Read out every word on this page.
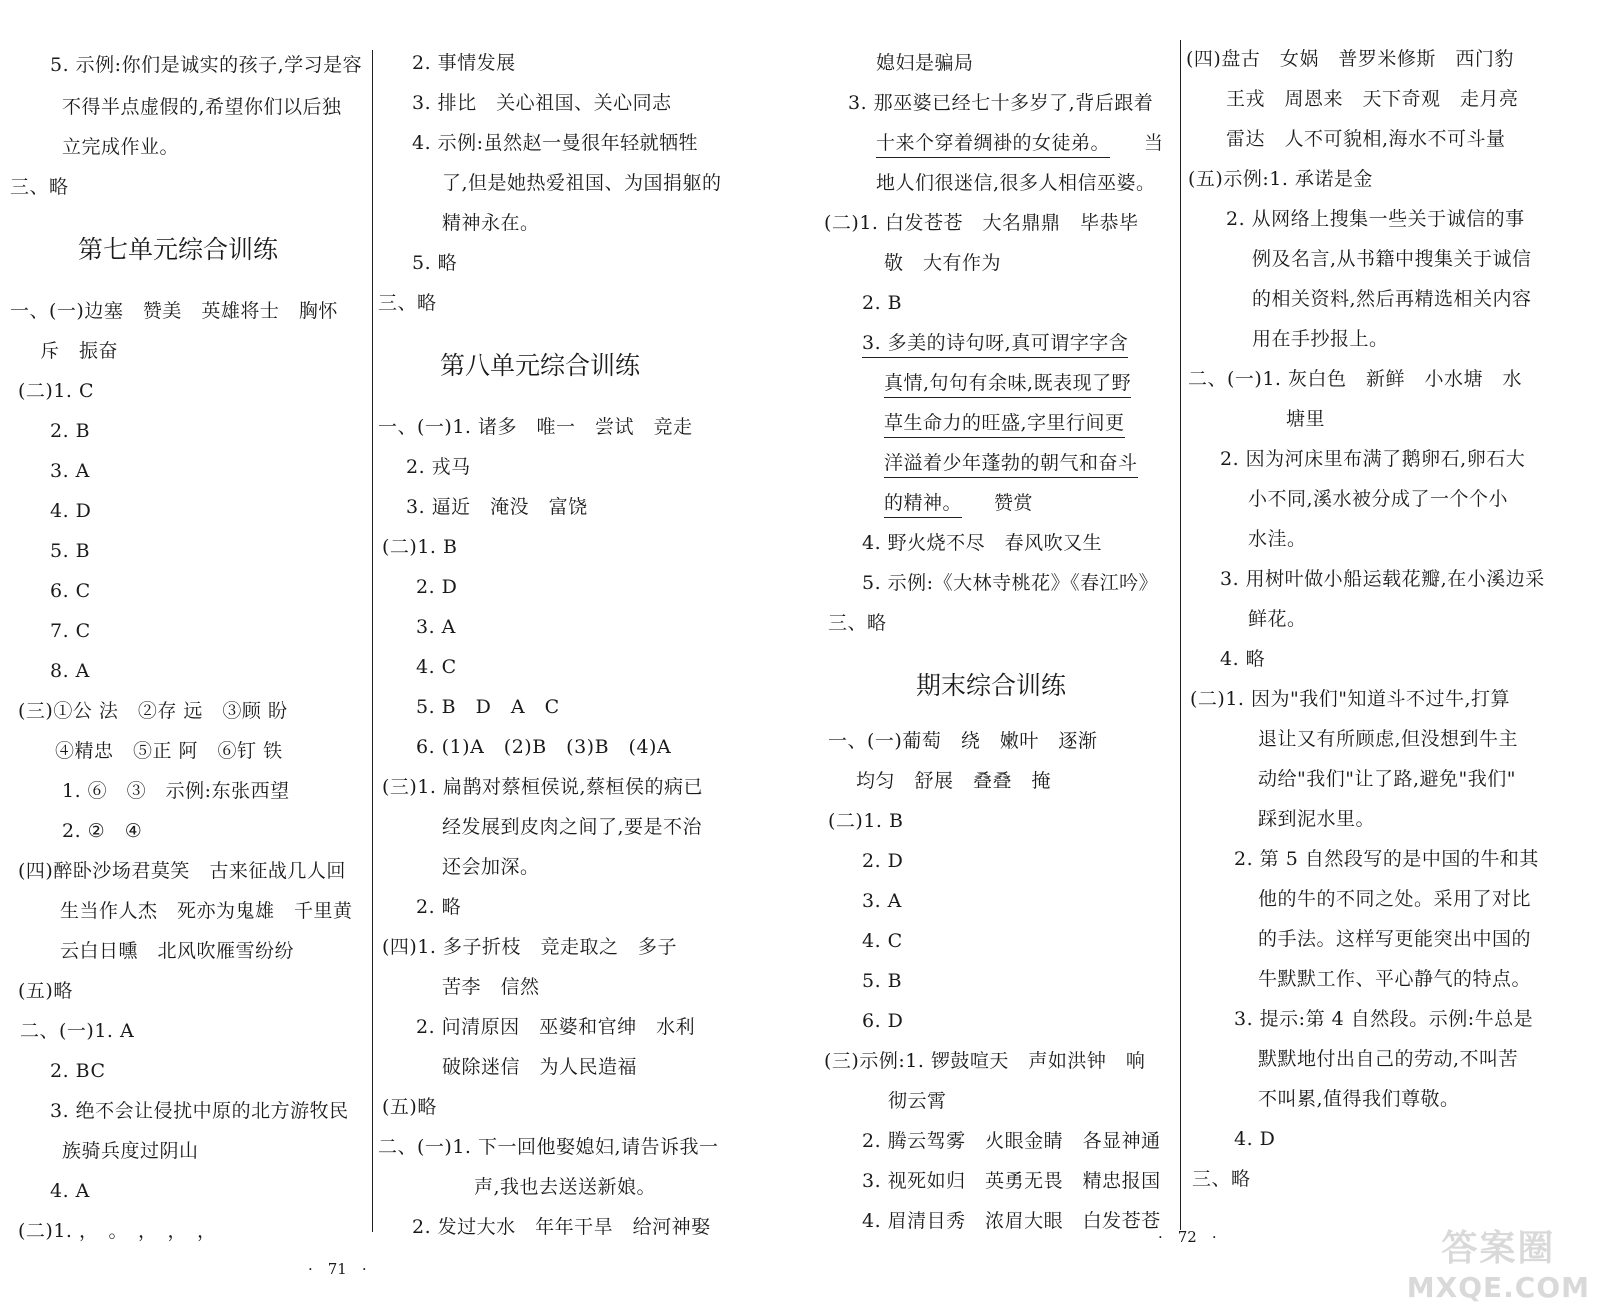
5. 示例:你们是诚实的孩子,学习是容
不得半点虚假的,希望你们以后独
立完成作业。
三、略
第七单元综合训练
一、(一)边塞　赞美　英雄将士　胸怀
斥　振奋
(二)1. C
2. B
3. A
4. D
5. B
6. C
7. C
8. A
(三)①公 法　②存 远　③顾 盼
④精忠　⑤正 阿　⑥钉 铁
1. ⑥　③　示例:东张西望
2. ②　④
(四)醉卧沙场君莫笑　古来征战几人回
生当作人杰　死亦为鬼雄　千里黄
云白日曛　北风吹雁雪纷纷
(五)略
二、(一)1. A
2. BC
3. 绝不会让侵扰中原的北方游牧民
族骑兵度过阴山
4. A
(二)1. ，　。　，　，　，
2. 事情发展
3. 排比　关心祖国、关心同志
4. 示例:虽然赵一曼很年轻就牺牲
了,但是她热爱祖国、为国捐躯的
精神永在。
5. 略
三、略
第八单元综合训练
一、(一)1. 诸多　唯一　尝试　竞走
2. 戎马
3. 逼近　淹没　富饶
(二)1. B
2. D
3. A
4. C
5. B　D　A　C
6. (1)A　(2)B　(3)B　(4)A
(三)1. 扁鹊对蔡桓侯说,蔡桓侯的病已
经发展到皮肉之间了,要是不治
还会加深。
2. 略
(四)1. 多子折枝　竞走取之　多子
苦李　信然
2. 问清原因　巫婆和官绅　水利
破除迷信　为人民造福
(五)略
二、(一)1. 下一回他娶媳妇,请告诉我一
声,我也去送送新娘。
2. 发过大水　年年干旱　给河神娶
·　71　·
媳妇是骗局
3. 那巫婆已经七十多岁了,背后跟着
十来个穿着绸褂的女徒弟。 当
地人们很迷信,很多人相信巫婆。
(二)1. 白发苍苍　大名鼎鼎　毕恭毕
敬　大有作为
2. B
3. 多美的诗句呀,真可谓字字含
真情,句句有余味,既表现了野
草生命力的旺盛,字里行间更
洋溢着少年蓬勃的朝气和奋斗
的精神。 赞赏
4. 野火烧不尽　春风吹又生
5. 示例:《大林寺桃花》《春江吟》
三、略
期末综合训练
一、(一)葡萄　绕　嫩叶　逐渐
均匀　舒展　叠叠　掩
(二)1. B
2. D
3. A
4. C
5. B
6. D
(三)示例:1. 锣鼓喧天　声如洪钟　响
彻云霄
2. 腾云驾雾　火眼金睛　各显神通
3. 视死如归　英勇无畏　精忠报国
4. 眉清目秀　浓眉大眼　白发苍苍
(四)盘古　女娲　普罗米修斯　西门豹
王戎　周恩来　天下奇观　走月亮
雷达　人不可貌相,海水不可斗量
(五)示例:1. 承诺是金
2. 从网络上搜集一些关于诚信的事
例及名言,从书籍中搜集关于诚信
的相关资料,然后再精选相关内容
用在手抄报上。
二、(一)1. 灰白色　新鲜　小水塘　水
塘里
2. 因为河床里布满了鹅卵石,卵石大
小不同,溪水被分成了一个个小
水洼。
3. 用树叶做小船运载花瓣,在小溪边采
鲜花。
4. 略
(二)1. 因为"我们"知道斗不过牛,打算
退让又有所顾虑,但没想到牛主
动给"我们"让了路,避免"我们"
踩到泥水里。
2. 第 5 自然段写的是中国的牛和其
他的牛的不同之处。采用了对比
的手法。这样写更能突出中国的
牛默默工作、平心静气的特点。
3. 提示:第 4 自然段。示例:牛总是
默默地付出自己的劳动,不叫苦
不叫累,值得我们尊敬。
4. D
三、略
·　72　·	答案圈
MXQE.COM
